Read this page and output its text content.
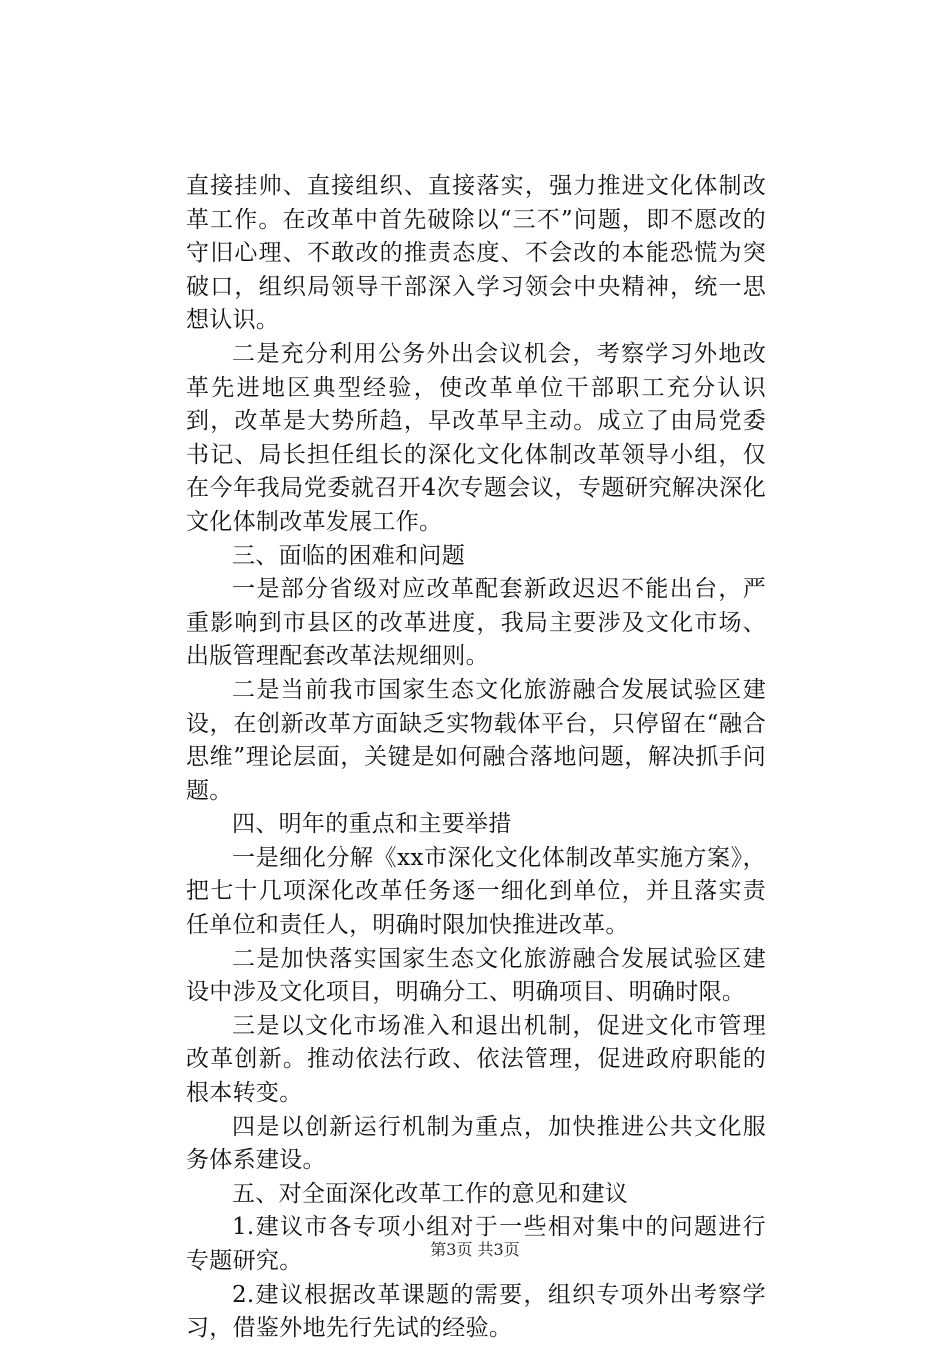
直接挂帅、直接组织、直接落实，强力推进文化体制改革工作。在改革中首先破除以“三不”问题，即不愿改的守旧心理、不敢改的推责态度、不会改的本能恐慌为突破口，组织局领导干部深入学习领会中央精神，统一思想认识。

二是充分利用公务外出会议机会，考察学习外地改革先进地区典型经验，使改革单位干部职工充分认识到，改革是大势所趋，早改革早主动。成立了由局党委书记、局长担任组长的深化文化体制改革领导小组，仅在今年我局党委就召开4次专题会议，专题研究解决深化文化体制改革发展工作。

三、面临的困难和问题

一是部分省级对应改革配套新政迟迟不能出台，严重影响到市县区的改革进度，我局主要涉及文化市场、出版管理配套改革法规细则。

二是当前我市国家生态文化旅游融合发展试验区建设，在创新改革方面缺乏实物载体平台，只停留在“融合思维”理论层面，关键是如何融合落地问题，解决抓手问题。

四、明年的重点和主要举措

一是细化分解《xx市深化文化体制改革实施方案》，把七十几项深化改革任务逐一细化到单位，并且落实责任单位和责任人，明确时限加快推进改革。

二是加快落实国家生态文化旅游融合发展试验区建设中涉及文化项目，明确分工、明确项目、明确时限。

三是以文化市场准入和退出机制，促进文化市管理改革创新。推动依法行政、依法管理，促进政府职能的根本转变。

四是以创新运行机制为重点，加快推进公共文化服务体系建设。

五、对全面深化改革工作的意见和建议

1.建议市各专项小组对于一些相对集中的问题进行专题研究。

2.建议根据改革课题的需要，组织专项外出考察学习，借鉴外地先行先试的经验。

第3页 共3页
